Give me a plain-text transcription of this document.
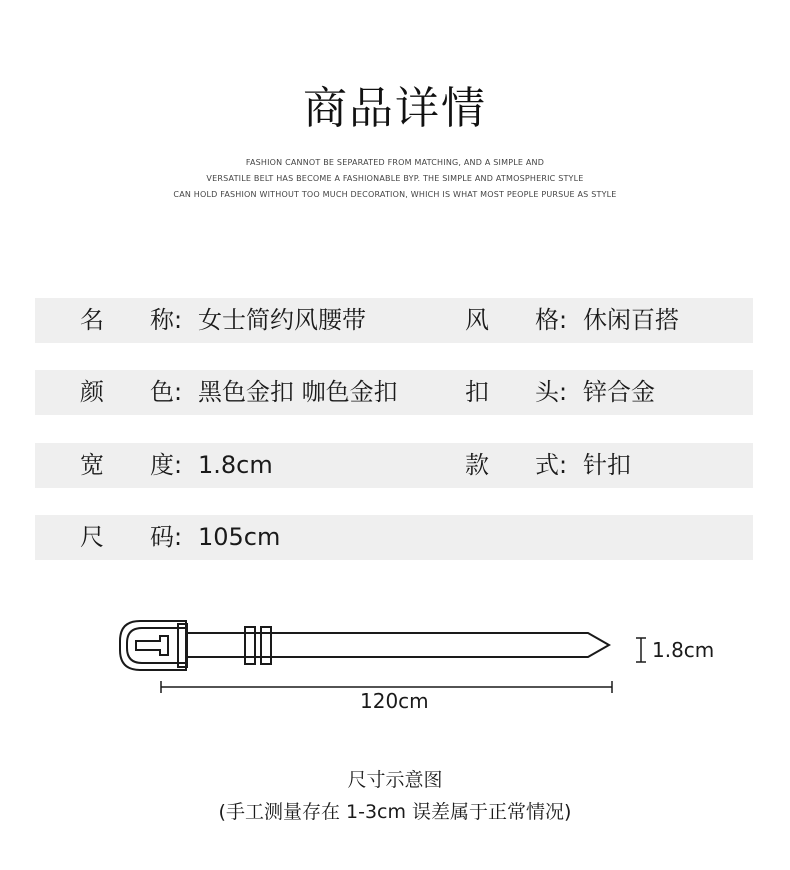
商品详情
FASHION CANNOT BE SEPARATED FROM MATCHING, AND A SIMPLE AND
VERSATILE BELT HAS BECOME A FASHIONABLE BYP. THE SIMPLE AND ATMOSPHERIC STYLE
CAN HOLD FASHION WITHOUT TOO MUCH DECORATION, WHICH IS WHAT MOST PEOPLE PURSUE AS STYLE
名 称: 女士简约风腰带	风 格: 休闲百搭
颜 色: 黑色金扣 咖色金扣	扣 头: 锌合金
宽 度: 1.8cm	款 式: 针扣
尺 码: 105cm
1.8cm
120cm
尺寸示意图
(手工测量存在 1-3cm 误差属于正常情况)
